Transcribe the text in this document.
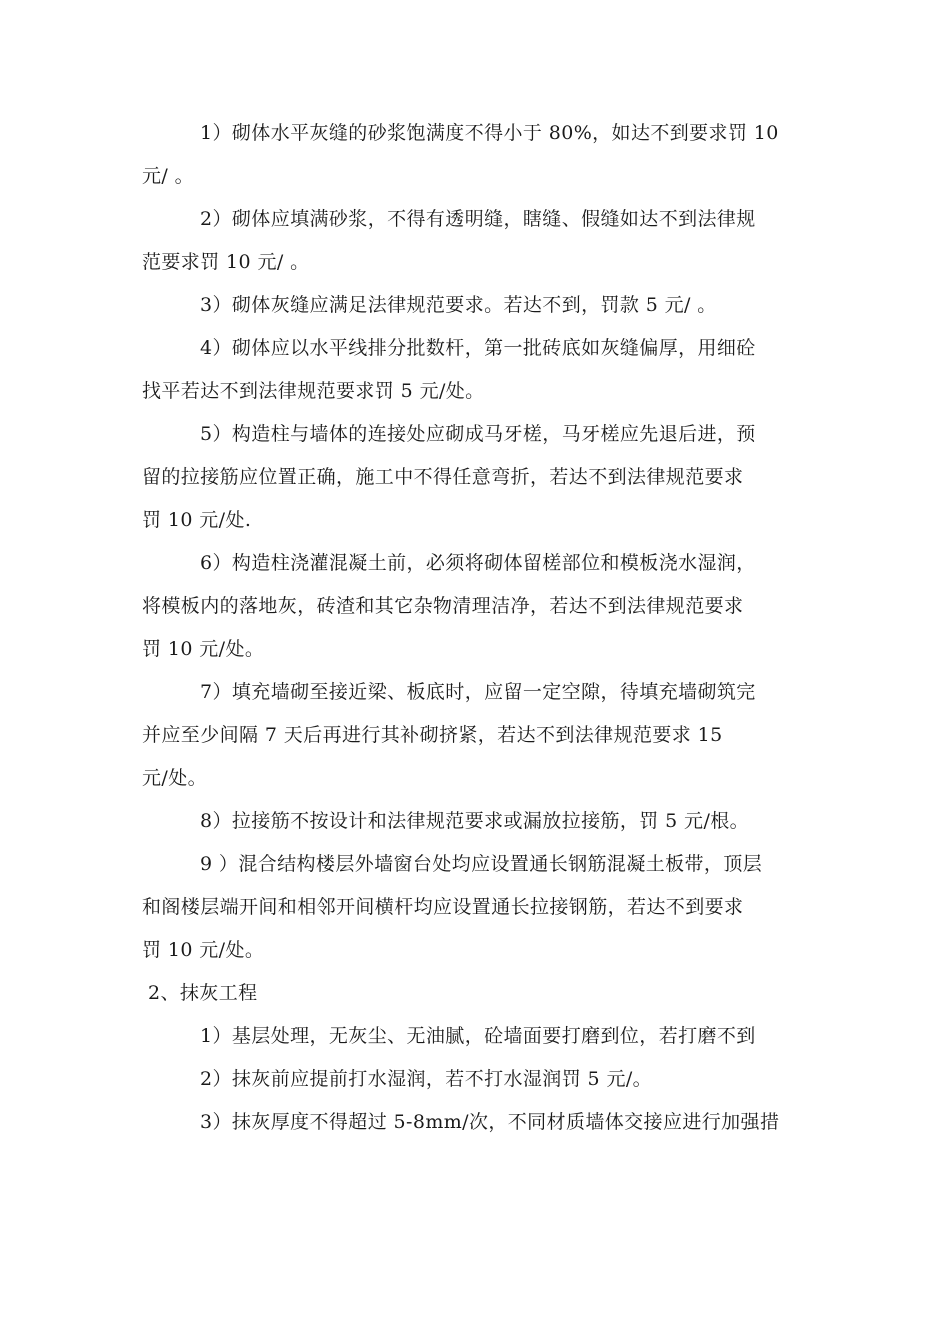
1）砌体水平灰缝的砂浆饱满度不得小于 80%，如达不到要求罚 10
元/ 。
2）砌体应填满砂浆，不得有透明缝，瞎缝、假缝如达不到法律规
范要求罚 10 元/ 。
3）砌体灰缝应满足法律规范要求。若达不到，罚款 5 元/ 。
4）砌体应以水平线排分批数杆，第一批砖底如灰缝偏厚，用细砼
找平若达不到法律规范要求罚 5 元/处。
5）构造柱与墙体的连接处应砌成马牙槎，马牙槎应先退后进，预
留的拉接筋应位置正确，施工中不得任意弯折，若达不到法律规范要求
罚 10 元/处.
6）构造柱浇灌混凝土前，必须将砌体留槎部位和模板浇水湿润，
将模板内的落地灰，砖渣和其它杂物清理洁净，若达不到法律规范要求
罚 10 元/处。
7）填充墙砌至接近梁、板底时，应留一定空隙，待填充墙砌筑完
并应至少间隔 7 天后再进行其补砌挤紧，若达不到法律规范要求 15
元/处。
8）拉接筋不按设计和法律规范要求或漏放拉接筋，罚 5 元/根。
9 ）混合结构楼层外墙窗台处均应设置通长钢筋混凝土板带，顶层
和阁楼层端开间和相邻开间横杆均应设置通长拉接钢筋，若达不到要求
罚 10 元/处。
2、抹灰工程
1）基层处理，无灰尘、无油腻，砼墙面要打磨到位，若打磨不到
2）抹灰前应提前打水湿润，若不打水湿润罚 5 元/。
3）抹灰厚度不得超过 5-8mm/次，不同材质墙体交接应进行加强措
